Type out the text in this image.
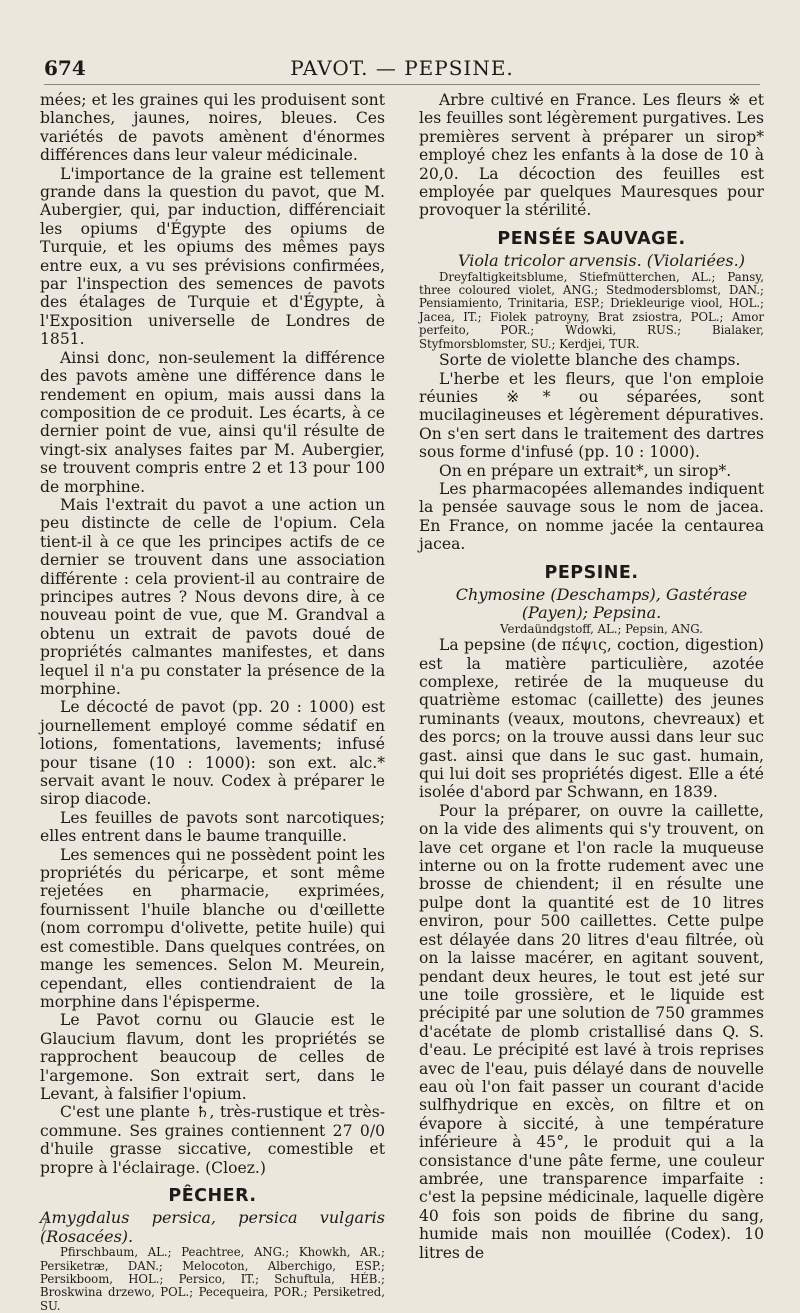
674	PAVOT. — PEPSINE.

mées; et les graines qui les produisent sont blanches, jaunes, noires, bleues. Ces variétés de pavots amènent d'énormes différences dans leur valeur médicinale.

L'importance de la graine est tellement grande dans la question du pavot, que M. Aubergier, qui, par induction, différenciait les opiums d'Égypte des opiums de Turquie, et les opiums des mêmes pays entre eux, a vu ses prévisions confirmées, par l'inspection des semences de pavots des étalages de Turquie et d'Égypte, à l'Exposition universelle de Londres de 1851.

Ainsi donc, non-seulement la différence des pavots amène une différence dans le rendement en opium, mais aussi dans la composition de ce produit. Les écarts, à ce dernier point de vue, ainsi qu'il résulte de vingt-six analyses faites par M. Aubergier, se trouvent compris entre 2 et 13 pour 100 de morphine.

Mais l'extrait du pavot a une action un peu distincte de celle de l'opium. Cela tient-il à ce que les principes actifs de ce dernier se trouvent dans une association différente : cela provient-il au contraire de principes autres ? Nous devons dire, à ce nouveau point de vue, que M. Grandval a obtenu un extrait de pavots doué de propriétés calmantes manifestes, et dans lequel il n'a pu constater la présence de la morphine.

Le décocté de pavot (pp. 20 : 1000) est journellement employé comme sédatif en lotions, fomentations, lavements; infusé pour tisane (10 : 1000): son ext. alc.* servait avant le nouv. Codex à préparer le sirop diacode.

Les feuilles de pavots sont narcotiques; elles entrent dans le baume tranquille.

Les semences qui ne possèdent point les propriétés du péricarpe, et sont même rejetées en pharmacie, exprimées, fournissent l'huile blanche ou d'œillette (nom corrompu d'olivette, petite huile) qui est comestible. Dans quelques contrées, on mange les semences. Selon M. Meurein, cependant, elles contiendraient de la morphine dans l'épisperme.

Le Pavot cornu ou Glaucie est le Glaucium flavum, dont les propriétés se rapprochent beaucoup de celles de l'argemone. Son extrait sert, dans le Levant, à falsifier l'opium.

C'est une plante ♄, très-rustique et très-commune. Ses graines contiennent 27 0/0 d'huile grasse siccative, comestible et propre à l'éclairage. (Cloez.)

PÊCHER.

Amygdalus persica, persica vulgaris (Rosacées).

Pfirschbaum, AL.; Peachtree, ANG.; Khowkh, AR.; Persiketræ, DAN.; Melocoton, Alberchigo, ESP.; Persikboom, HOL.; Persico, IT.; Schuftula, HÉB.; Broskwina drzewo, POL.; Pecequeira, POR.; Persiketred, SU.

Arbre cultivé en France. Les fleurs ※ et les feuilles sont légèrement purgatives. Les premières servent à préparer un sirop* employé chez les enfants à la dose de 10 à 20,0. La décoction des feuilles est employée par quelques Mauresques pour provoquer la stérilité.

PENSÉE SAUVAGE.

Viola tricolor arvensis. (Violariées.)

Dreyfaltigkeitsblume, Stiefmütterchen, AL.; Pansy, three coloured violet, ANG.; Stedmodersblomst, DAN.; Pensiamiento, Trinitaria, ESP.; Driekleurige viool, HOL.; Jacea, IT.; Fiolek patroyny, Brat zsiostra, POL.; Amor perfeito, POR.; Wdowki, RUS.; Bialaker, Styfmorsblomster, SU.; Kerdjei, TUR.

Sorte de violette blanche des champs.

L'herbe et les fleurs, que l'on emploie réunies ※* ou séparées, sont mucilagineuses et légèrement dépuratives. On s'en sert dans le traitement des dartres sous forme d'infusé (pp. 10 : 1000).

On en prépare un extrait*, un sirop*.

Les pharmacopées allemandes indiquent la pensée sauvage sous le nom de jacea. En France, on nomme jacée la centaurea jacea.

PEPSINE.

Chymosine (Deschamps), Gastérase (Payen); Pepsina.

Verdaündgstoff, AL.; Pepsin, ANG.

La pepsine (de πέψις, coction, digestion) est la matière particulière, azotée complexe, retirée de la muqueuse du quatrième estomac (caillette) des jeunes ruminants (veaux, moutons, chevreaux) et des porcs; on la trouve aussi dans leur suc gast. ainsi que dans le suc gast. humain, qui lui doit ses propriétés digest. Elle a été isolée d'abord par Schwann, en 1839.

Pour la préparer, on ouvre la caillette, on la vide des aliments qui s'y trouvent, on lave cet organe et l'on racle la muqueuse interne ou on la frotte rudement avec une brosse de chiendent; il en résulte une pulpe dont la quantité est de 10 litres environ, pour 500 caillettes. Cette pulpe est délayée dans 20 litres d'eau filtrée, où on la laisse macérer, en agitant souvent, pendant deux heures, le tout est jeté sur une toile grossière, et le liquide est précipité par une solution de 750 grammes d'acétate de plomb cristallisé dans Q. S. d'eau. Le précipité est lavé à trois reprises avec de l'eau, puis délayé dans de nouvelle eau où l'on fait passer un courant d'acide sulfhydrique en excès, on filtre et on évapore à siccité, à une température inférieure à 45°, le produit qui a la consistance d'une pâte ferme, une couleur ambrée, une transparence imparfaite : c'est la pepsine médicinale, laquelle digère 40 fois son poids de fibrine du sang, humide mais non mouillée (Codex). 10 litres de
